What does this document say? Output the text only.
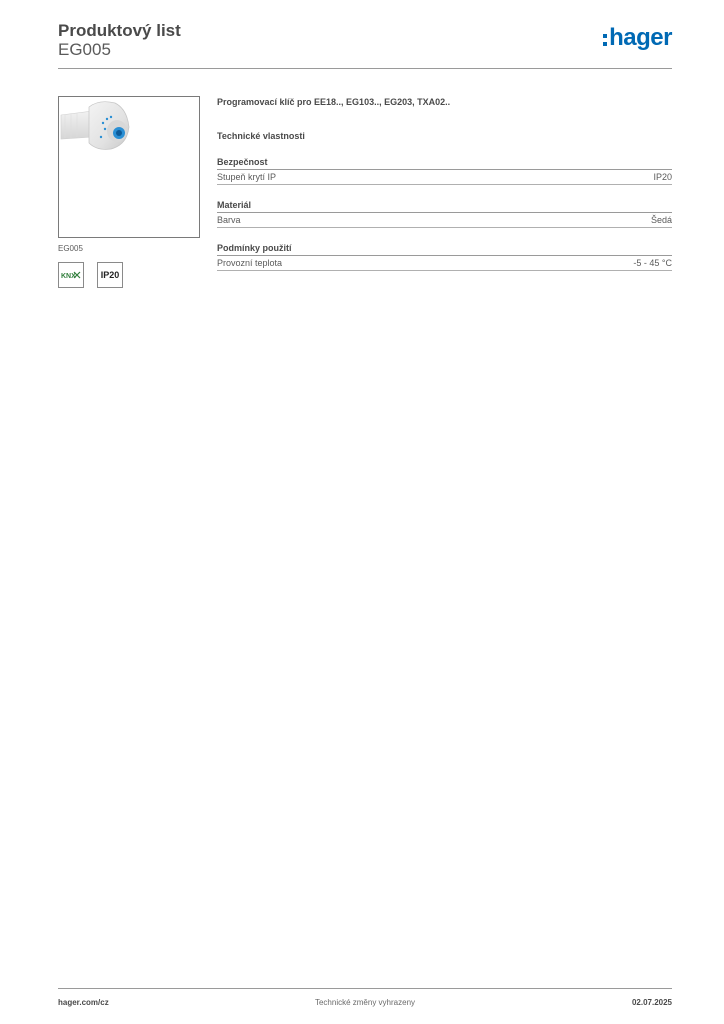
Produktový list
EG005	hager
EG005
KNX	IP20
Programovací klíč pro EE18.., EG103.., EG203, TXA02..
Technické vlastnosti
Bezpečnost
Stupeň krytí IP	IP20
Materiál
Barva	Šedá
Podmínky použití
Provozní teplota	-5 - 45 °C
hager.com/cz	Technické změny vyhrazeny	02.07.2025
